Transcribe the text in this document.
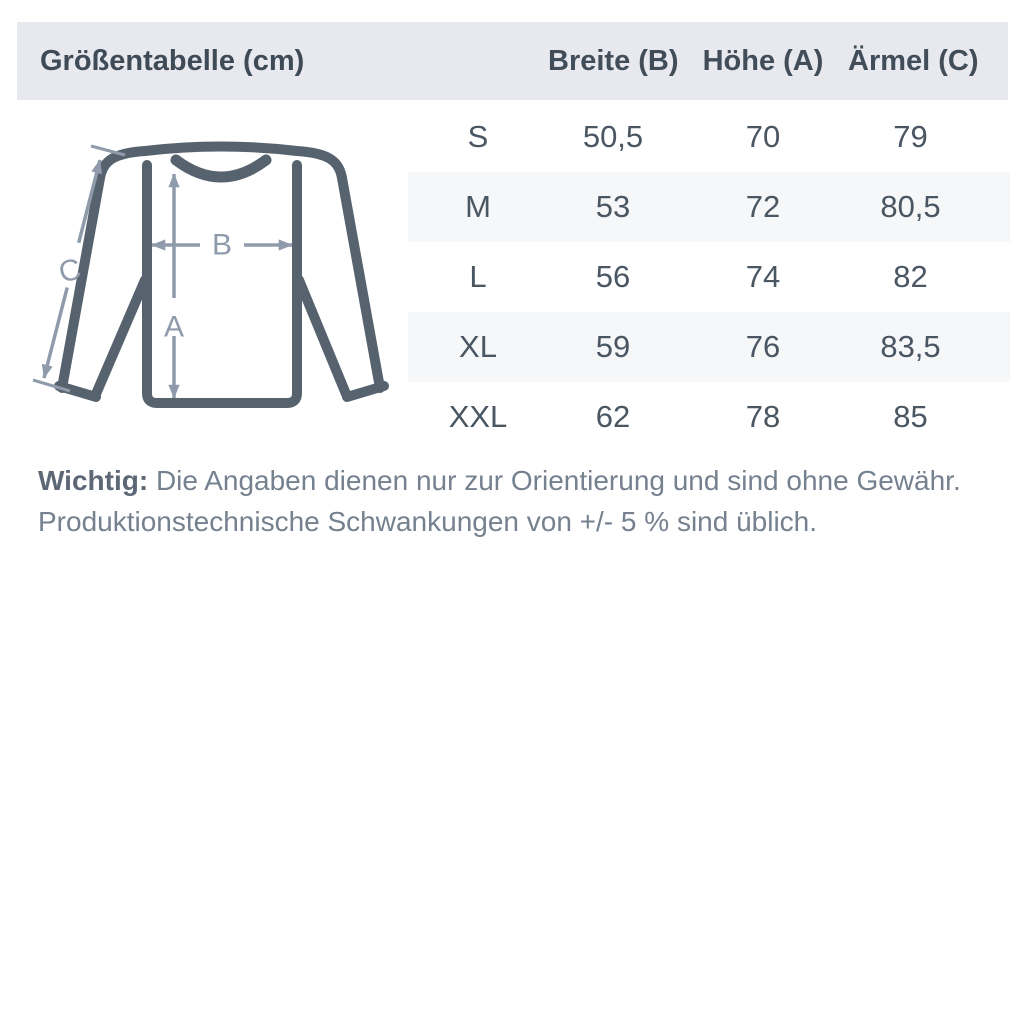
Größentabelle (cm)	Breite (B) Höhe (A) Ärmel (C)
A
B
C
S	50,5	70	79
M	53	72	80,5
L	56	74	82
XL	59	76	83,5
XXL	62	78	85
Wichtig: Die Angaben dienen nur zur Orientierung und sind ohne Gewähr.
Produktionstechnische Schwankungen von +/- 5 % sind üblich.
